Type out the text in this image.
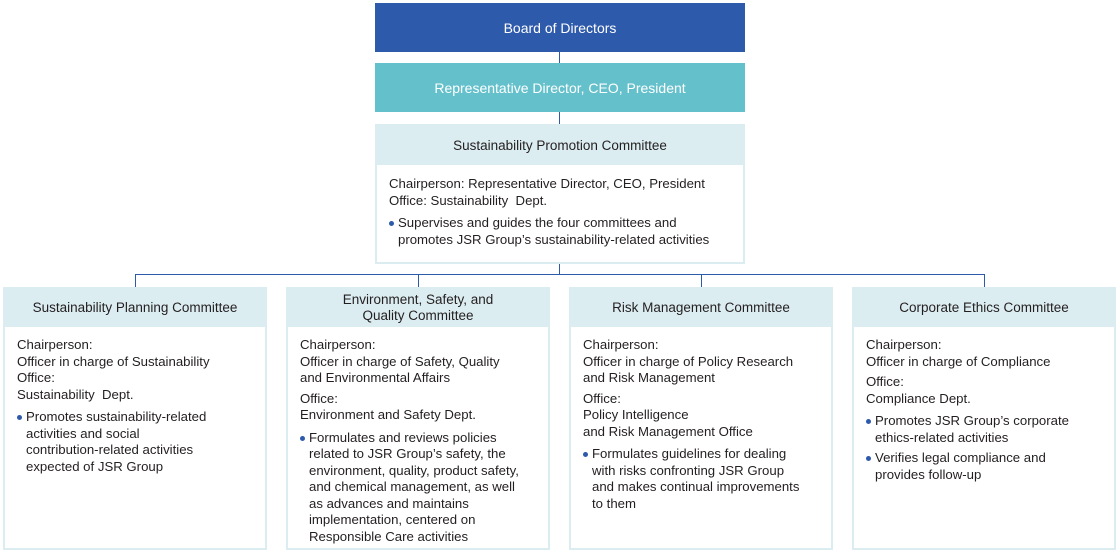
Board of Directors
Representative Director, CEO, President
Sustainability Promotion Committee
Chairperson: Representative Director, CEO, President
Office: Sustainability  Dept.
Supervises and guides the four committees and
promotes JSR Group’s sustainability-related activities
Sustainability Planning Committee
Chairperson:
Officer in charge of Sustainability
Office:
Sustainability  Dept.
Promotes sustainability-related
activities and social
contribution-related activities
expected of JSR Group
Environment, Safety, and
Quality Committee
Chairperson:
Officer in charge of Safety, Quality
and Environmental Affairs
Office:
Environment and Safety Dept.
Formulates and reviews policies
related to JSR Group’s safety, the
environment, quality, product safety,
and chemical management, as well
as advances and maintains
implementation, centered on
Responsible Care activities
Risk Management Committee
Chairperson:
Officer in charge of Policy Research
and Risk Management
Office:
Policy Intelligence
and Risk Management Office
Formulates guidelines for dealing
with risks confronting JSR Group
and makes continual improvements
to them
Corporate Ethics Committee
Chairperson:
Officer in charge of Compliance
Office:
Compliance Dept.
Promotes JSR Group’s corporate
ethics-related activities
Verifies legal compliance and
provides follow-up
